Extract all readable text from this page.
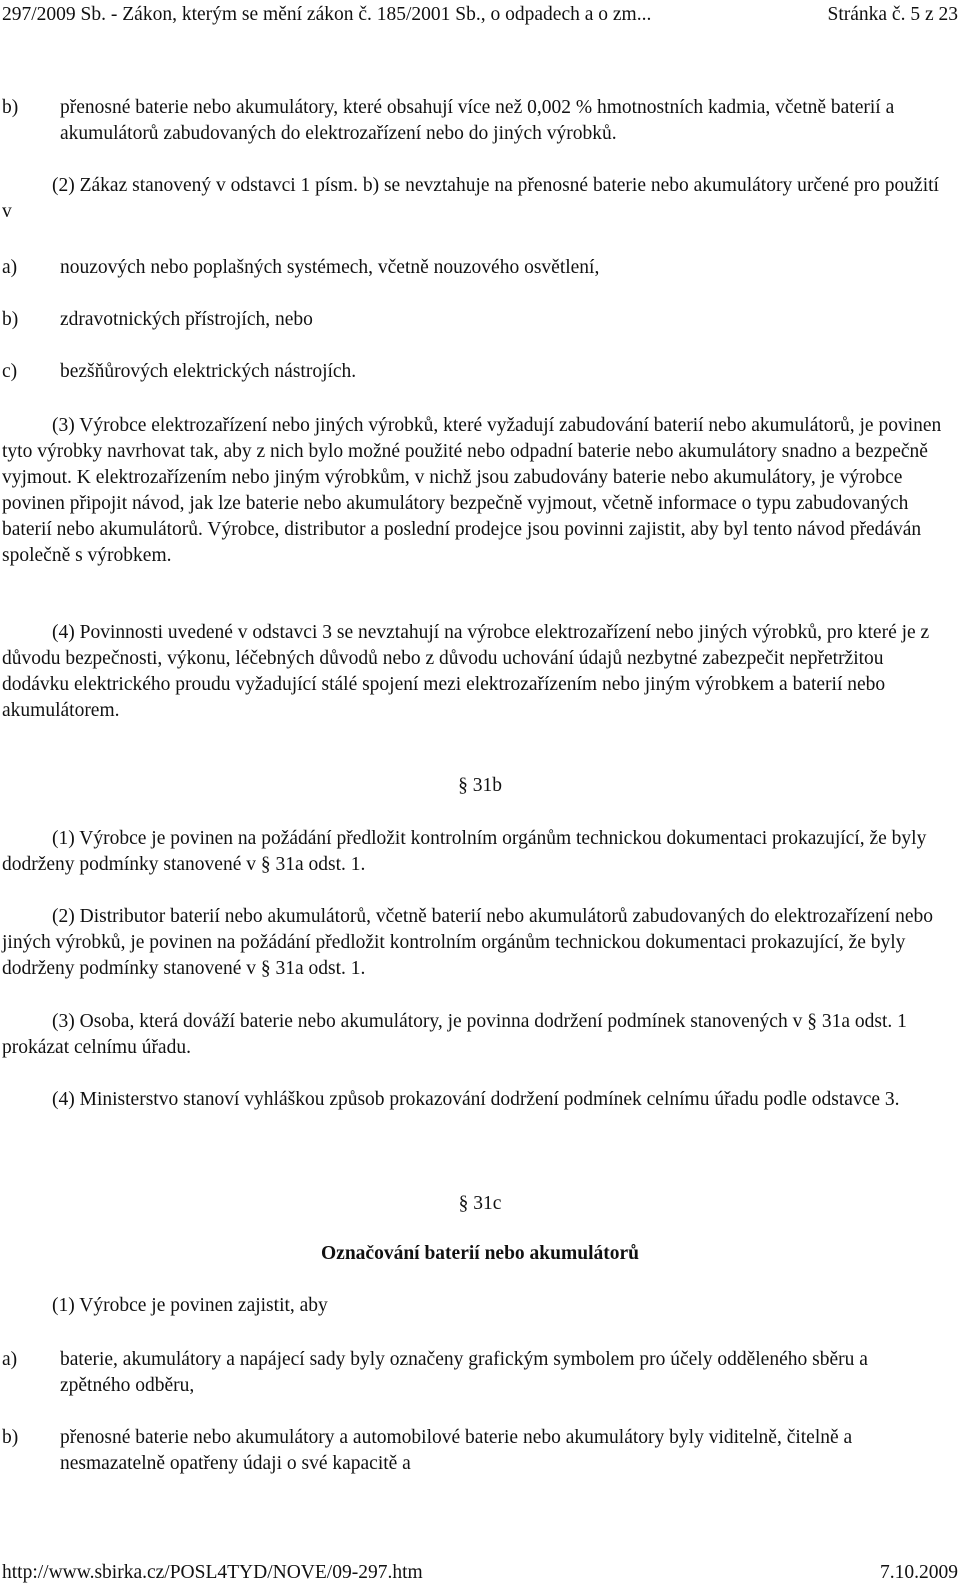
297/2009 Sb. - Zákon, kterým se mění zákon č. 185/2001 Sb., o odpadech a o zm...	Stránka č. 5 z 23
b) přenosné baterie nebo akumulátory, které obsahují více než 0,002 % hmotnostních kadmia, včetně baterií a akumulátorů zabudovaných do elektrozařízení nebo do jiných výrobků.
(2) Zákaz stanovený v odstavci 1 písm. b) se nevztahuje na přenosné baterie nebo akumulátory určené pro použití v
a) nouzových nebo poplašných systémech, včetně nouzového osvětlení,
b) zdravotnických přístrojích, nebo
c) bezšňůrových elektrických nástrojích.
(3) Výrobce elektrozařízení nebo jiných výrobků, které vyžadují zabudování baterií nebo akumulátorů, je povinen tyto výrobky navrhovat tak, aby z nich bylo možné použité nebo odpadní baterie nebo akumulátory snadno a bezpečně vyjmout. K elektrozařízením nebo jiným výrobkům, v nichž jsou zabudovány baterie nebo akumulátory, je výrobce povinen připojit návod, jak lze baterie nebo akumulátory bezpečně vyjmout, včetně informace o typu zabudovaných baterií nebo akumulátorů. Výrobce, distributor a poslední prodejce jsou povinni zajistit, aby byl tento návod předáván společně s výrobkem.
(4) Povinnosti uvedené v odstavci 3 se nevztahují na výrobce elektrozařízení nebo jiných výrobků, pro které je z důvodu bezpečnosti, výkonu, léčebných důvodů nebo z důvodu uchování údajů nezbytné zabezpečit nepřetržitou dodávku elektrického proudu vyžadující stálé spojení mezi elektrozařízením nebo jiným výrobkem a baterií nebo akumulátorem.
§ 31b
(1) Výrobce je povinen na požádání předložit kontrolním orgánům technickou dokumentaci prokazující, že byly dodrženy podmínky stanovené v § 31a odst. 1.
(2) Distributor baterií nebo akumulátorů, včetně baterií nebo akumulátorů zabudovaných do elektrozařízení nebo jiných výrobků, je povinen na požádání předložit kontrolním orgánům technickou dokumentaci prokazující, že byly dodrženy podmínky stanovené v § 31a odst. 1.
(3) Osoba, která dováží baterie nebo akumulátory, je povinna dodržení podmínek stanovených v § 31a odst. 1 prokázat celnímu úřadu.
(4) Ministerstvo stanoví vyhláškou způsob prokazování dodržení podmínek celnímu úřadu podle odstavce 3.
§ 31c
Označování baterií nebo akumulátorů
(1) Výrobce je povinen zajistit, aby
a) baterie, akumulátory a napájecí sady byly označeny grafickým symbolem pro účely odděleného sběru a zpětného odběru,
b) přenosné baterie nebo akumulátory a automobilové baterie nebo akumulátory byly viditelně, čitelně a nesmazatelně opatřeny údaji o své kapacitě a
http://www.sbirka.cz/POSL4TYD/NOVE/09-297.htm	7.10.2009
